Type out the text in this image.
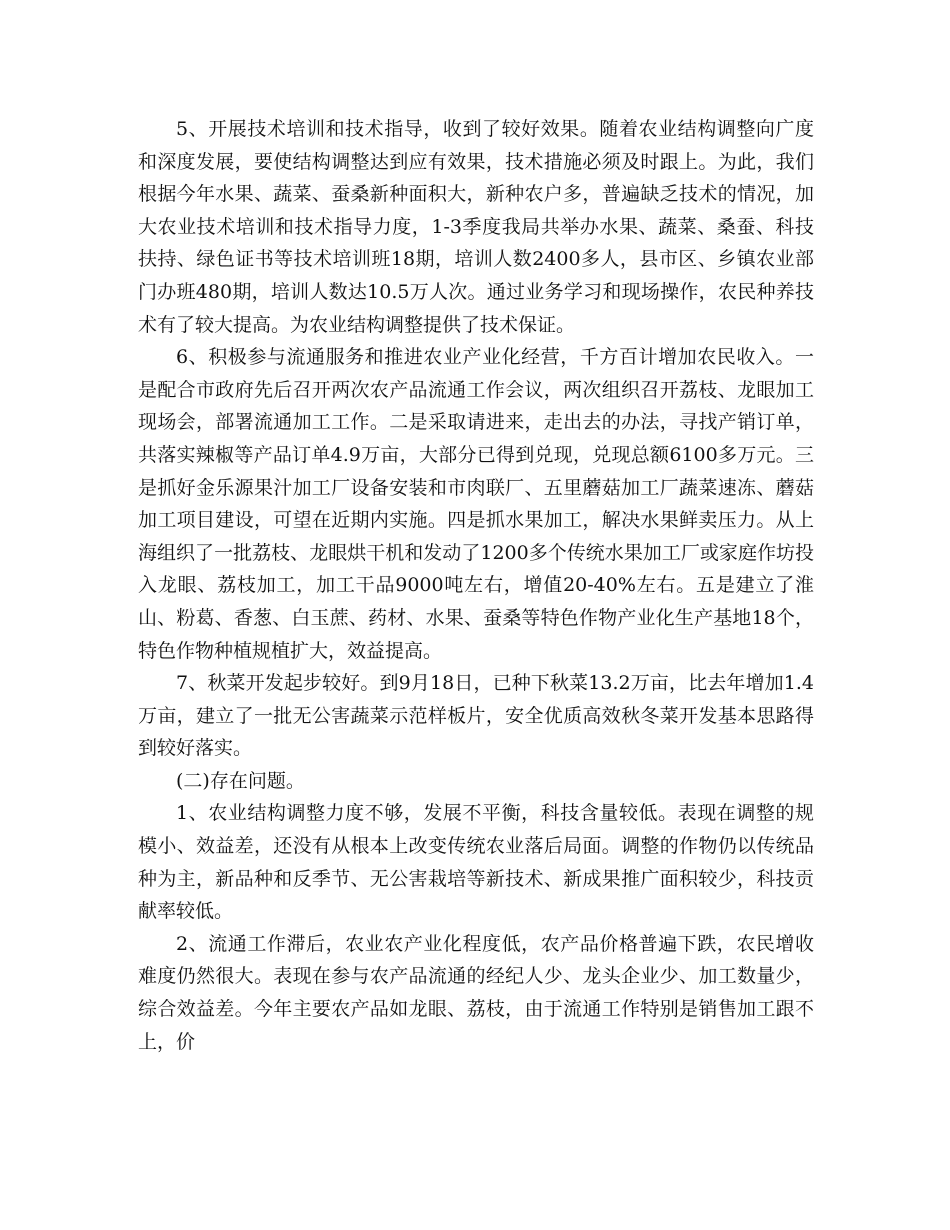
5、开展技术培训和技术指导，收到了较好效果。随着农业结构调整向广度和深度发展，要使结构调整达到应有效果，技术措施必须及时跟上。为此，我们根据今年水果、蔬菜、蚕桑新种面积大，新种农户多，普遍缺乏技术的情况，加大农业技术培训和技术指导力度，1-3季度我局共举办水果、蔬菜、桑蚕、科技扶持、绿色证书等技术培训班18期，培训人数2400多人，县市区、乡镇农业部门办班480期，培训人数达10.5万人次。通过业务学习和现场操作，农民种养技术有了较大提高。为农业结构调整提供了技术保证。

6、积极参与流通服务和推进农业产业化经营，千方百计增加农民收入。一是配合市政府先后召开两次农产品流通工作会议，两次组织召开荔枝、龙眼加工现场会，部署流通加工工作。二是采取请进来，走出去的办法，寻找产销订单，共落实辣椒等产品订单4.9万亩，大部分已得到兑现，兑现总额6100多万元。三是抓好金乐源果汁加工厂设备安装和市肉联厂、五里蘑菇加工厂蔬菜速冻、蘑菇加工项目建设，可望在近期内实施。四是抓水果加工，解决水果鲜卖压力。从上海组织了一批荔枝、龙眼烘干机和发动了1200多个传统水果加工厂或家庭作坊投入龙眼、荔枝加工，加工干品9000吨左右，增值20-40%左右。五是建立了淮山、粉葛、香葱、白玉蔗、药材、水果、蚕桑等特色作物产业化生产基地18个，特色作物种植规植扩大，效益提高。

7、秋菜开发起步较好。到9月18日，已种下秋菜13.2万亩，比去年增加1.4万亩，建立了一批无公害蔬菜示范样板片，安全优质高效秋冬菜开发基本思路得到较好落实。

(二)存在问题。

1、农业结构调整力度不够，发展不平衡，科技含量较低。表现在调整的规模小、效益差，还没有从根本上改变传统农业落后局面。调整的作物仍以传统品种为主，新品种和反季节、无公害栽培等新技术、新成果推广面积较少，科技贡献率较低。

2、流通工作滞后，农业农产业化程度低，农产品价格普遍下跌，农民增收难度仍然很大。表现在参与农产品流通的经纪人少、龙头企业少、加工数量少，综合效益差。今年主要农产品如龙眼、荔枝，由于流通工作特别是销售加工跟不上，价
